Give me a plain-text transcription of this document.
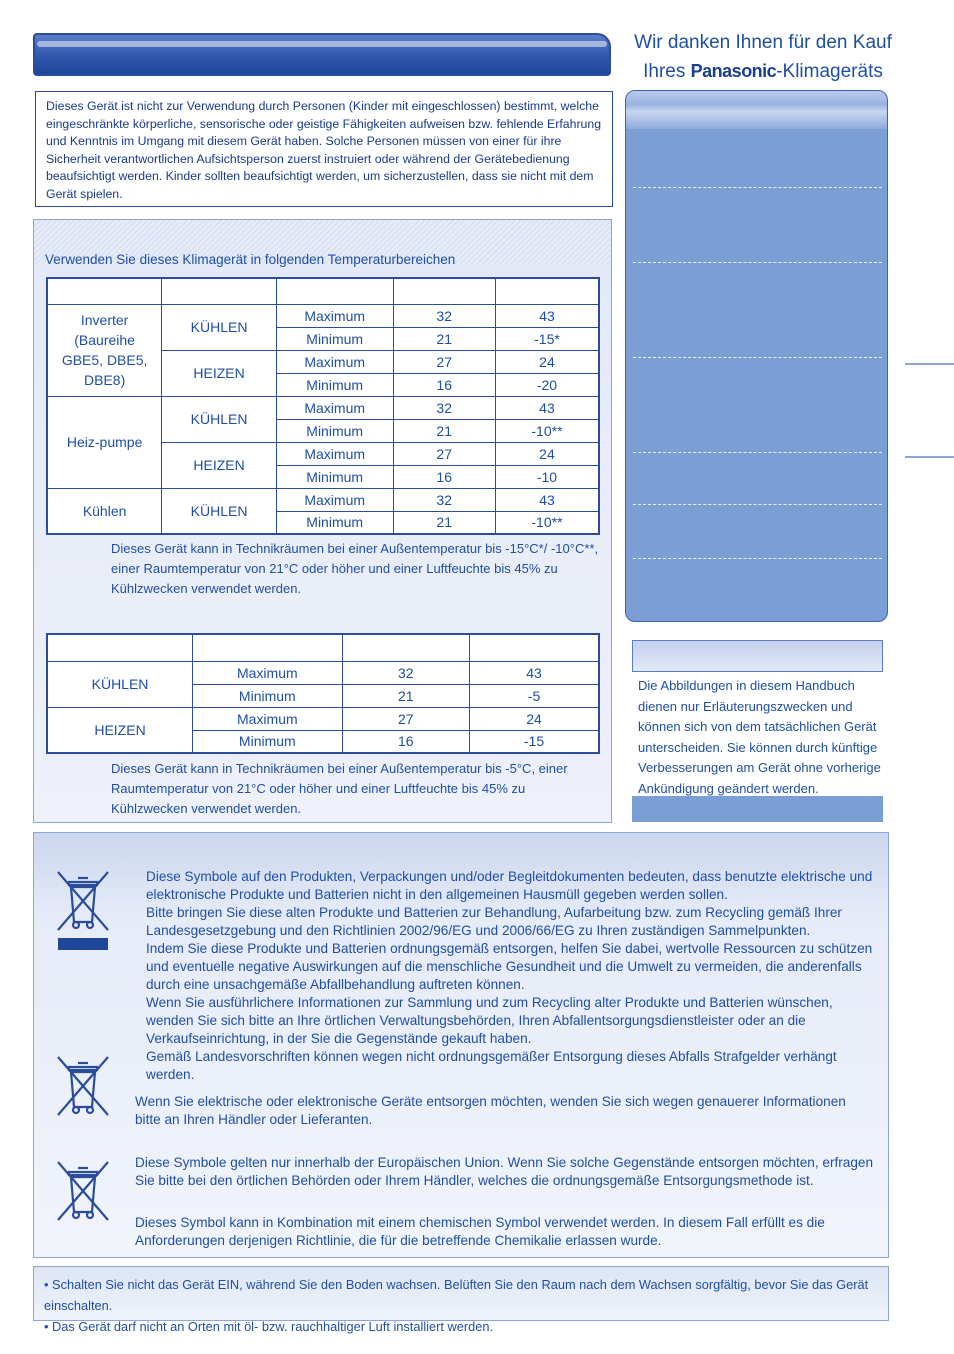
Wir danken Ihnen für den Kauf
Ihres Panasonic-Klimageräts
Dieses Gerät ist nicht zur Verwendung durch Personen (Kinder mit eingeschlossen) bestimmt, welche eingeschränkte körperliche, sensorische oder geistige Fähigkeiten aufweisen bzw. fehlende Erfahrung und Kenntnis im Umgang mit diesem Gerät haben. Solche Personen müssen von einer für ihre Sicherheit verantwortlichen Aufsichtsperson zuerst instruiert oder während der Gerätebedienung beaufsichtigt werden. Kinder sollten beaufsichtigt werden, um sicherzustellen, dass sie nicht mit dem Gerät spielen.
Verwenden Sie dieses Klimagerät in folgenden Temperaturbereichen

Inverter (Baureihe GBE5, DBE5, DBE8)	KÜHLEN	Maximum	32	43
		Minimum	21	-15*
	HEIZEN	Maximum	27	24
		Minimum	16	-20
Heiz-pumpe	KÜHLEN	Maximum	32	43
		Minimum	21	-10**
	HEIZEN	Maximum	27	24
		Minimum	16	-10
Kühlen	KÜHLEN	Maximum	32	43
		Minimum	21	-10**
Dieses Gerät kann in Technikräumen bei einer Außentemperatur bis -15°C*/ -10°C**, einer Raumtemperatur von 21°C oder höher und einer Luftfeuchte bis 45% zu Kühlzwecken verwendet werden.

KÜHLEN	Maximum	32	43
	Minimum	21	-5
HEIZEN	Maximum	27	24
	Minimum	16	-15
Dieses Gerät kann in Technikräumen bei einer Außentemperatur bis -5°C, einer Raumtemperatur von 21°C oder höher und einer Luftfeuchte bis 45% zu Kühlzwecken verwendet werden.
Die Abbildungen in diesem Handbuch dienen nur Erläuterungszwecken und können sich von dem tatsächlichen Gerät unterscheiden. Sie können durch künftige Verbesserungen am Gerät ohne vorherige Ankündigung geändert werden.
Diese Symbole auf den Produkten, Verpackungen und/oder Begleitdokumenten bedeuten, dass benutzte elektrische und elektronische Produkte und Batterien nicht in den allgemeinen Hausmüll gegeben werden sollen.
Bitte bringen Sie diese alten Produkte und Batterien zur Behandlung, Aufarbeitung bzw. zum Recycling gemäß Ihrer Landesgesetzgebung und den Richtlinien 2002/96/EG und 2006/66/EG zu Ihren zuständigen Sammelpunkten.
Indem Sie diese Produkte und Batterien ordnungsgemäß entsorgen, helfen Sie dabei, wertvolle Ressourcen zu schützen und eventuelle negative Auswirkungen auf die menschliche Gesundheit und die Umwelt zu vermeiden, die anderenfalls durch eine unsachgemäße Abfallbehandlung auftreten können.
Wenn Sie ausführlichere Informationen zur Sammlung und zum Recycling alter Produkte und Batterien wünschen, wenden Sie sich bitte an Ihre örtlichen Verwaltungsbehörden, Ihren Abfallentsorgungsdienstleister oder an die Verkaufseinrichtung, in der Sie die Gegenstände gekauft haben.
Gemäß Landesvorschriften können wegen nicht ordnungsgemäßer Entsorgung dieses Abfalls Strafgelder verhängt werden.
Wenn Sie elektrische oder elektronische Geräte entsorgen möchten, wenden Sie sich wegen genauerer Informationen bitte an Ihren Händler oder Lieferanten.
Diese Symbole gelten nur innerhalb der Europäischen Union. Wenn Sie solche Gegenstände entsorgen möchten, erfragen Sie bitte bei den örtlichen Behörden oder Ihrem Händler, welches die ordnungsgemäße Entsorgungsmethode ist.
Dieses Symbol kann in Kombination mit einem chemischen Symbol verwendet werden. In diesem Fall erfüllt es die Anforderungen derjenigen Richtlinie, die für die betreffende Chemikalie erlassen wurde.
• Schalten Sie nicht das Gerät EIN, während Sie den Boden wachsen. Belüften Sie den Raum nach dem Wachsen sorgfältig, bevor Sie das Gerät einschalten.
• Das Gerät darf nicht an Orten mit öl- bzw. rauchhaltiger Luft installiert werden.
